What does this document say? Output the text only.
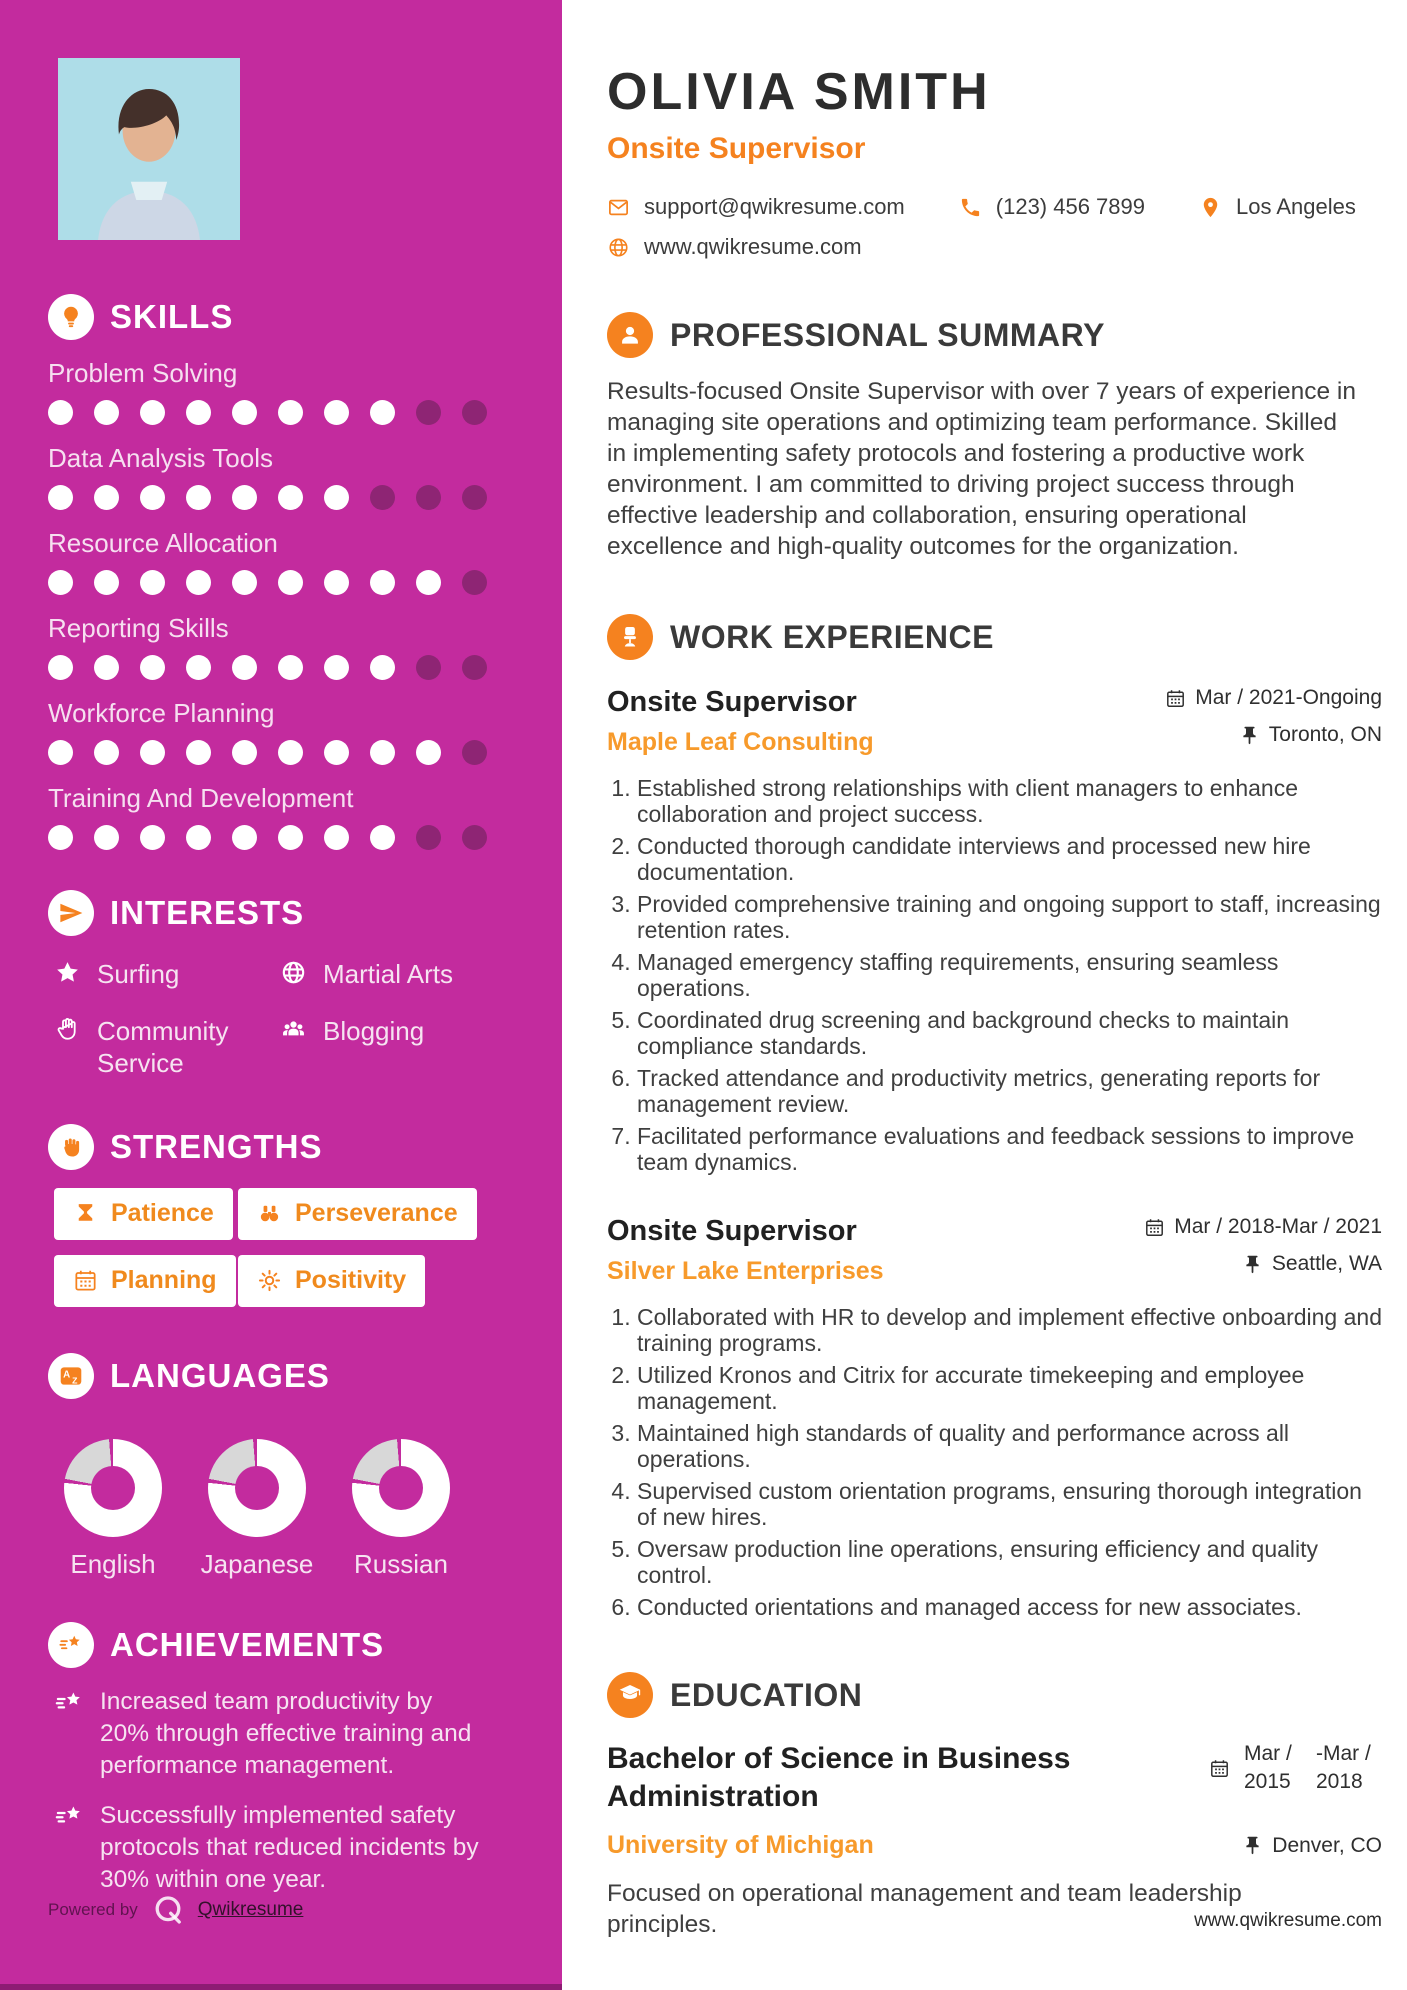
SKILLS
Problem Solving
Data Analysis Tools
Resource Allocation
Reporting Skills
Workforce Planning
Training And Development
INTERESTS
Surfing	Martial Arts
Community Service
Blogging
STRENGTHS
Patience	Perseverance
Planning	Positivity
A Z LANGUAGES
English Japanese Russian
ACHIEVEMENTS

Increased team productivity by 20% through effective training and performance management.

Successfully implemented safety protocols that reduced incidents by 30% within one year.

Powered by	Qwikresume
OLIVIA SMITH

Onsite Supervisor

support@qwikresume.com	(123) 456 7899	Los Angeles
www.qwikresume.com
PROFESSIONAL SUMMARY

Results-focused Onsite Supervisor with over 7 years of experience in managing site operations and optimizing team performance. Skilled in implementing safety protocols and fostering a productive work environment. I am committed to driving project success through effective leadership and collaboration, ensuring operational excellence and high-quality outcomes for the organization.

WORK EXPERIENCE
Onsite Supervisor

Maple Leaf Consulting

Mar / 2021-Ongoing
Toronto, ON
1. Established strong relationships with client managers to enhance collaboration and project success.
2. Conducted thorough candidate interviews and processed new hire documentation.
3. Provided comprehensive training and ongoing support to staff, increasing retention rates.
4. Managed emergency staffing requirements, ensuring seamless operations.
5. Coordinated drug screening and background checks to maintain compliance standards.
6. Tracked attendance and productivity metrics, generating reports for management review.
7. Facilitated performance evaluations and feedback sessions to improve team dynamics.
Onsite Supervisor

Silver Lake Enterprises

Mar / 2018-Mar / 2021
Seattle, WA
1. Collaborated with HR to develop and implement effective onboarding and training programs.
2. Utilized Kronos and Citrix for accurate timekeeping and employee management.
3. Maintained high standards of quality and performance across all operations.
4. Supervised custom orientation programs, ensuring thorough integration of new hires.
5. Oversaw production line operations, ensuring efficiency and quality control.
6. Conducted orientations and managed access for new associates.
EDUCATION
Bachelor of Science in Business Administration
Mar / 2015
-Mar / 2018

University of Michigan	Denver, CO

Focused on operational management and team leadership principles.	www.qwikresume.com
